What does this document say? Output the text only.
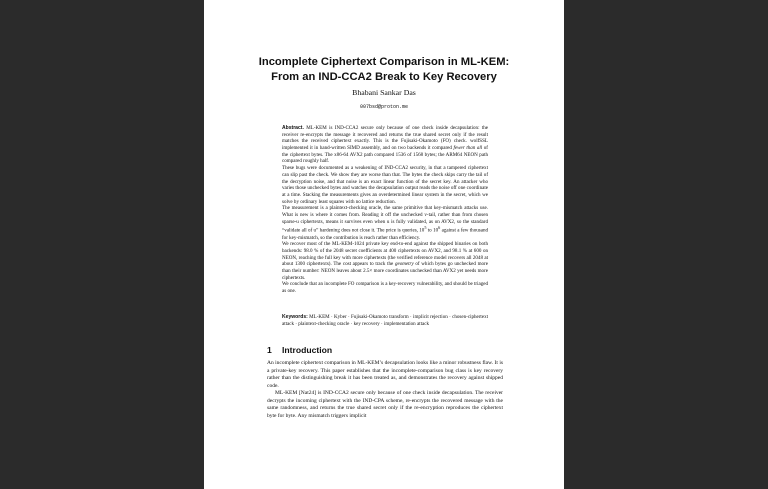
Incomplete Ciphertext Comparison in ML-KEM:
From an IND-CCA2 Break to Key Recovery
Bhabani Sankar Das
007bsd@proton.me

Abstract. ML-KEM is IND-CCA2 secure only because of one check inside decapsulation: the receiver re-encrypts the message it recovered and returns the true shared secret only if the result matches the received ciphertext exactly. This is the Fujisaki-Okamoto (FO) check. wolfSSL implemented it in hand-written SIMD assembly, and on two backends it compared fewer than all of the ciphertext bytes. The x86-64 AVX2 path compared 1536 of 1568 bytes; the ARM64 NEON path compared roughly half.

These bugs were documented as a weakening of IND-CCA2 security, in that a tampered ciphertext can slip past the check. We show they are worse than that. The bytes the check skips carry the tail of the decryption noise, and that noise is an exact linear function of the secret key. An attacker who varies those unchecked bytes and watches the decapsulation output reads the noise off one coordinate at a time. Stacking the measurements gives an overdetermined linear system in the secret, which we solve by ordinary least squares with no lattice reduction.

The measurement is a plaintext-checking oracle, the same primitive that key-mismatch attacks use. What is new is where it comes from. Reading it off the unchecked v-tail, rather than from chosen sparse-u ciphertexts, means it survives even when u is fully validated, as on AVX2, so the standard “validate all of u” hardening does not close it. The price is queries, $10^5$ to $10^6$ against a few thousand for key-mismatch, so the contribution is reach rather than efficiency.

We recover most of the ML-KEM-1024 private key end-to-end against the shipped binaries on both backends: 98.0 % of the 2048 secret coefficients at 400 ciphertexts on AVX2, and 98.1 % at 600 on NEON, reaching the full key with more ciphertexts (the verified reference model recovers all 2048 at about 1300 ciphertexts). The cost appears to track the geometry of which bytes go unchecked more than their number: NEON leaves about 2.5× more coordinates unchecked than AVX2 yet needs more ciphertexts.

We conclude that an incomplete FO comparison is a key-recovery vulnerability, and should be triaged as one.

Keywords: ML-KEM · Kyber · Fujisaki-Okamoto transform · implicit rejection · chosen-ciphertext attack · plaintext-checking oracle · key recovery · implementation attack
1 Introduction

An incomplete ciphertext comparison in ML-KEM’s decapsulation looks like a minor robustness flaw. It is a private-key recovery. This paper establishes that the incomplete-comparison bug class is key recovery rather than the distinguishing break it has been treated as, and demonstrates the recovery against shipped code.

ML-KEM [Nat24] is IND-CCA2 secure only because of one check inside decapsulation. The receiver decrypts the incoming ciphertext with the IND-CPA scheme, re-encrypts the recovered message with the same randomness, and returns the true shared secret only if the re-encryption reproduces the ciphertext byte for byte. Any mismatch triggers implicit
